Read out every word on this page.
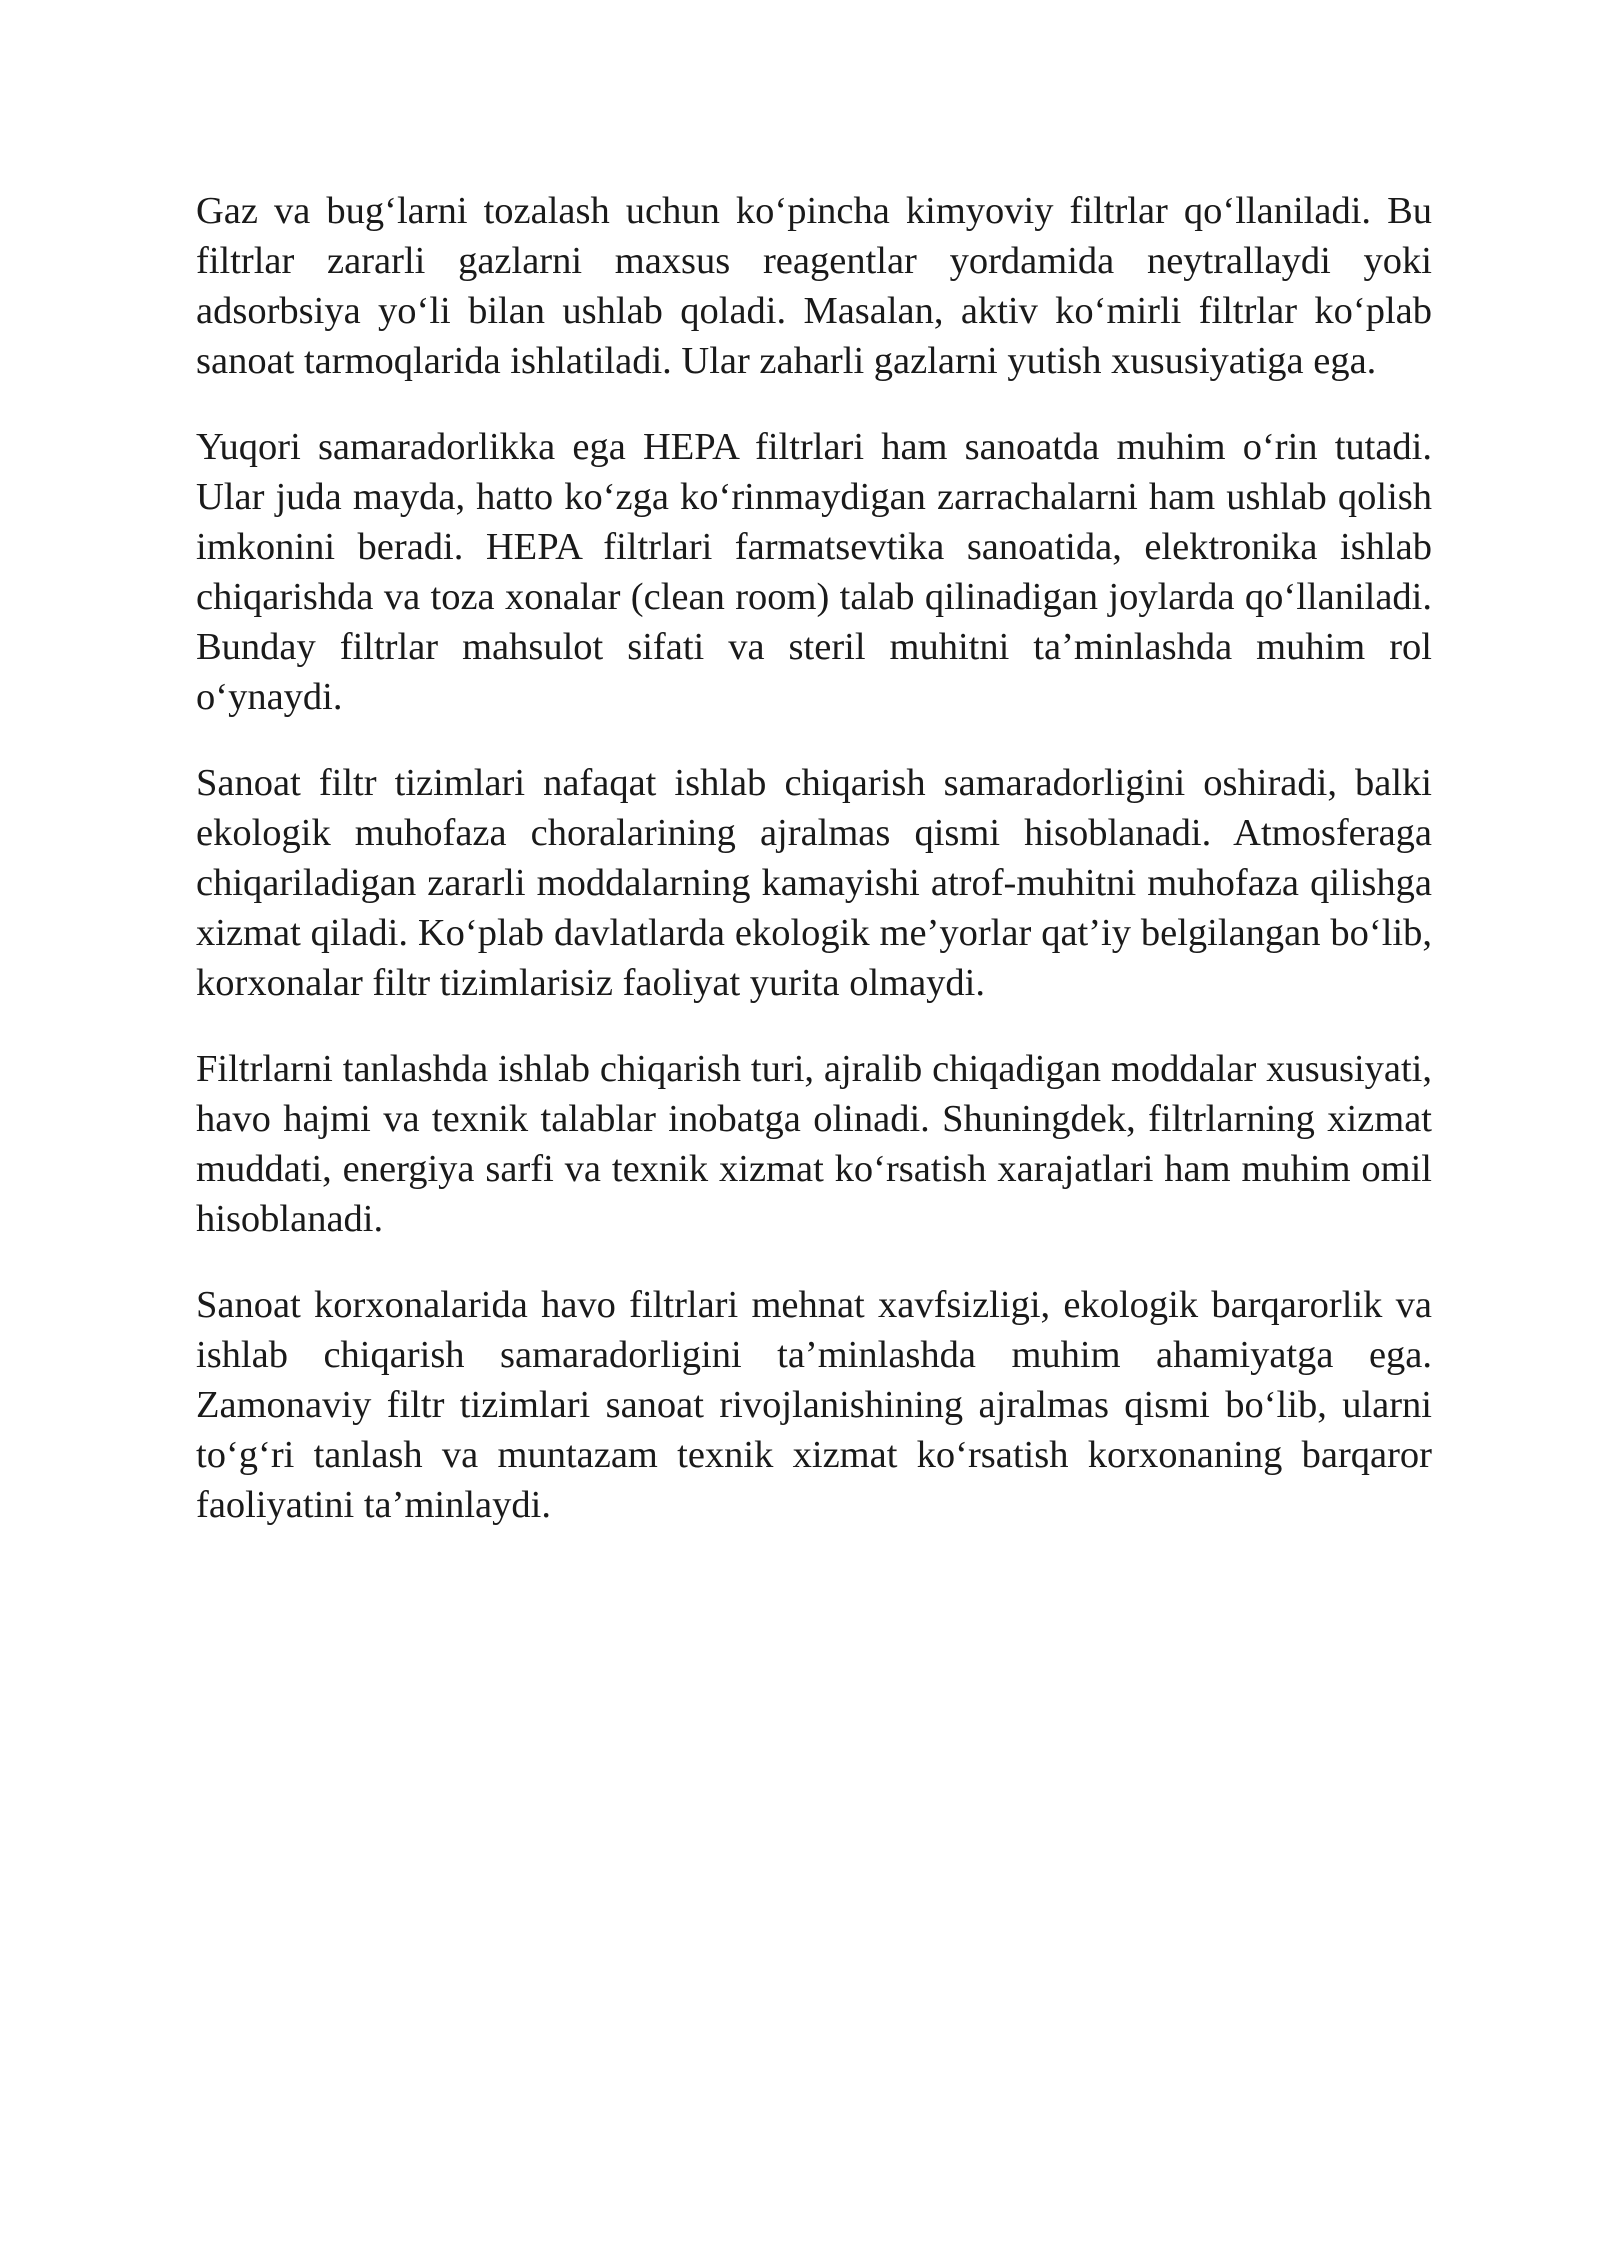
Gaz va bug‘larni tozalash uchun ko‘pincha kimyoviy filtrlar qo‘llaniladi. Bu filtrlar zararli gazlarni maxsus reagentlar yordamida neytrallaydi yoki adsorbsiya yo‘li bilan ushlab qoladi. Masalan, aktiv ko‘mirli filtrlar ko‘plab sanoat tarmoqlarida ishlatiladi. Ular zaharli gazlarni yutish xususiyatiga ega.

Yuqori samaradorlikka ega HEPA filtrlari ham sanoatda muhim o‘rin tutadi. Ular juda mayda, hatto ko‘zga ko‘rinmaydigan zarrachalarni ham ushlab qolish imkonini beradi. HEPA filtrlari farmatsevtika sanoatida, elektronika ishlab chiqarishda va toza xonalar (clean room) talab qilinadigan joylarda qo‘llaniladi. Bunday filtrlar mahsulot sifati va steril muhitni ta’minlashda muhim rol o‘ynaydi.

Sanoat filtr tizimlari nafaqat ishlab chiqarish samaradorligini oshiradi, balki ekologik muhofaza choralarining ajralmas qismi hisoblanadi. Atmosferaga chiqariladigan zararli moddalarning kamayishi atrof-muhitni muhofaza qilishga xizmat qiladi. Ko‘plab davlatlarda ekologik me’yorlar qat’iy belgilangan bo‘lib, korxonalar filtr tizimlarisiz faoliyat yurita olmaydi.

Filtrlarni tanlashda ishlab chiqarish turi, ajralib chiqadigan moddalar xususiyati, havo hajmi va texnik talablar inobatga olinadi. Shuningdek, filtrlarning xizmat muddati, energiya sarfi va texnik xizmat ko‘rsatish xarajatlari ham muhim omil hisoblanadi.

Sanoat korxonalarida havo filtrlari mehnat xavfsizligi, ekologik barqarorlik va ishlab chiqarish samaradorligini ta’minlashda muhim ahamiyatga ega. Zamonaviy filtr tizimlari sanoat rivojlanishining ajralmas qismi bo‘lib, ularni to‘g‘ri tanlash va muntazam texnik xizmat ko‘rsatish korxonaning barqaror faoliyatini ta’minlaydi.
